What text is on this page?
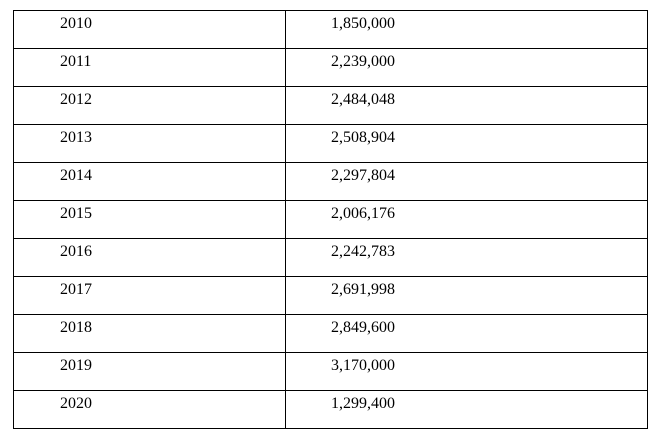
2010	1,850,000

2011	2,239,000

2012	2,484,048

2013	2,508,904

2014	2,297,804

2015	2,006,176

2016	2,242,783

2017	2,691,998

2018	2,849,600

2019	3,170,000

2020	1,299,400
